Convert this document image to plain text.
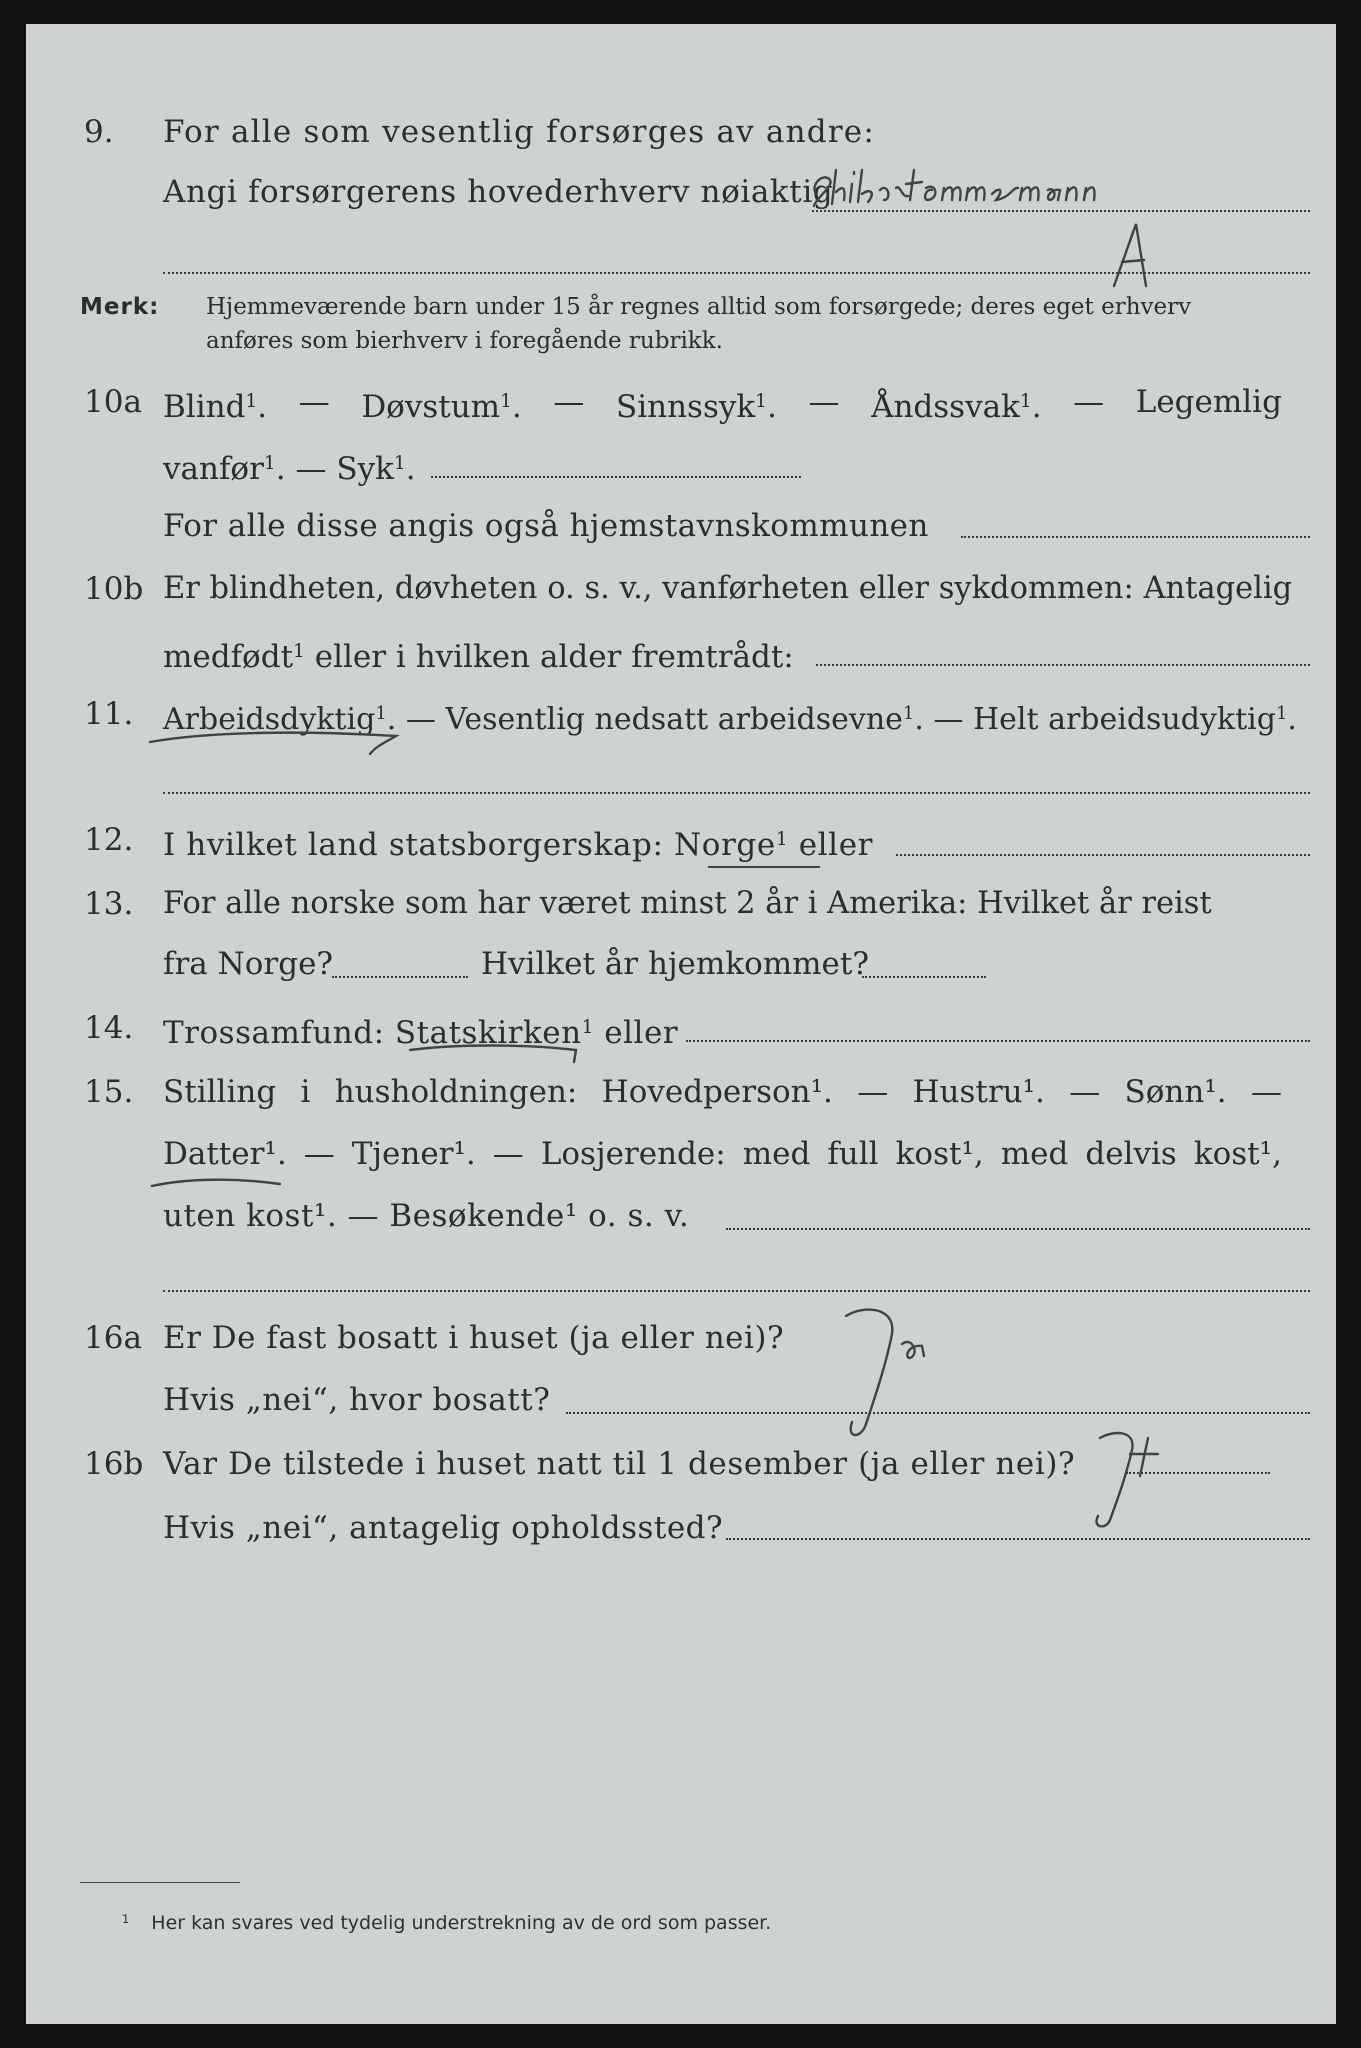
9. For alle som vesentlig forsørges av andre:
Angi forsørgerens hovederhverv nøiaktig
Merk: Hjemmeværende barn under 15 år regnes alltid som forsørgede; deres eget erhverv anføres som bierhverv i foregående rubrikk.
10a Blind$^1$. — Døvstum$^1$. — Sinnssyk$^1$. — Åndssvak$^1$. — Legemlig
vanfør$^1$. — Syk$^1$.
For alle disse angis også hjemstavnskommunen
10b Er blindheten, døvheten o. s. v., vanførheten eller sykdommen: Antagelig
medfødt$^1$ eller i hvilken alder fremtrådt:
11. Arbeidsdyktig$^1$. — Vesentlig nedsatt arbeidsevne$^1$. — Helt arbeidsudyktig$^1$.
12. I hvilket land statsborgerskap: Norge$^1$ eller
13. For alle norske som har været minst 2 år i Amerika: Hvilket år reist
fra Norge?	Hvilket år hjemkommet?
14. Trossamfund: Statskirken$^1$ eller
15. Stilling i husholdningen: Hovedperson¹. — Hustru¹. — Sønn¹. —
Datter¹. — Tjener¹. — Losjerende: med full kost¹, med delvis kost¹,
uten kost¹. — Besøkende¹ o. s. v.
16a Er De fast bosatt i huset (ja eller nei)?
Hvis „nei“, hvor bosatt?
16b Var De tilstede i huset natt til 1 desember (ja eller nei)?
Hvis „nei“, antagelig opholdssted?
$^1$ Her kan svares ved tydelig understrekning av de ord som passer.
